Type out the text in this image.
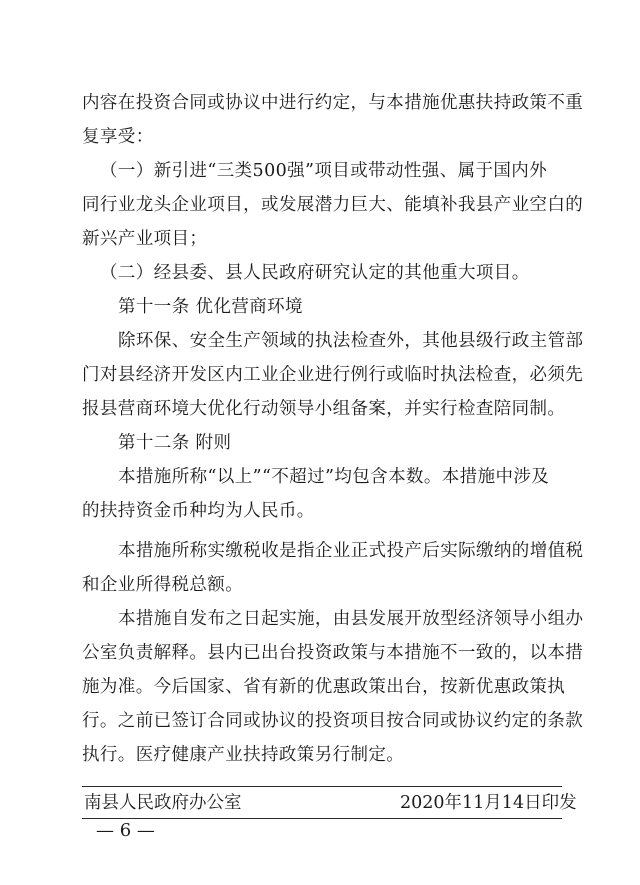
内容在投资合同或协议中进行约定，与本措施优惠扶持政策不重
复享受：
（一）新引进“三类500强”项目或带动性强、属于国内外
同行业龙头企业项目，或发展潜力巨大、能填补我县产业空白的
新兴产业项目；
（二）经县委、县人民政府研究认定的其他重大项目。
第十一条 优化营商环境
除环保、安全生产领域的执法检查外，其他县级行政主管部
门对县经济开发区内工业企业进行例行或临时执法检查，必须先
报县营商环境大优化行动领导小组备案，并实行检查陪同制。
第十二条 附则
本措施所称“以上”“不超过”均包含本数。本措施中涉及
的扶持资金币种均为人民币。
本措施所称实缴税收是指企业正式投产后实际缴纳的增值税
和企业所得税总额。
本措施自发布之日起实施，由县发展开放型经济领导小组办
公室负责解释。县内已出台投资政策与本措施不一致的，以本措
施为准。今后国家、省有新的优惠政策出台，按新优惠政策执
行。之前已签订合同或协议的投资项目按合同或协议约定的条款
执行。医疗健康产业扶持政策另行制定。
南县人民政府办公室	2020年11月14日印发
— 6 —
